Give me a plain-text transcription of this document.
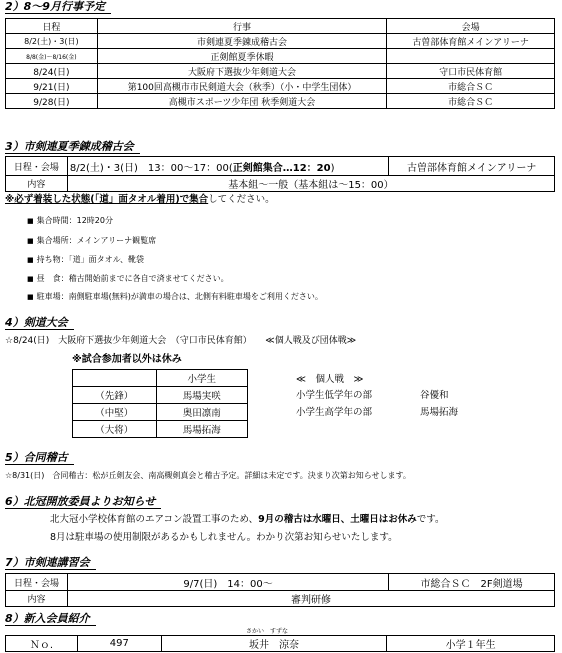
2）8～9月行事予定
日程	行事	会場
8/2(土)・3(日)	市剣連夏季錬成稽古会	古曽部体育館メインアリーナ
8/8(金)～8/16(金)	正剣館夏季休暇	
8/24(日)	大阪府下選抜少年剣道大会	守口市民体育館
9/21(日)	第100回高槻市市民剣道大会（秋季）（小・中学生団体）	市総合ＳＣ
9/28(日)	高槻市スポーツ少年団 秋季剣道大会	市総合ＳＣ
3）市剣連夏季錬成稽古会
日程・会場	8/2(土)・3(日)　13：00～17：00(正剣館集合…12：20)	古曽部体育館メインアリーナ
内容	基本組～一般（基本組は～15：00）	
※必ず着装した状態(「道」面タオル着用)で集合してください。
■ 集合時間：12時20分
■ 集合場所：メインアリーナ観覧席
■ 持ち物：「道」面タオル、靴袋
■ 昼　食：稽古開始前までに各自で済ませてください。
■ 駐車場：南側駐車場(無料)が満車の場合は、北側有料駐車場をご利用ください。
4）剣道大会
☆8/24(日)　大阪府下選抜少年剣道大会　（守口市民体育館）　　≪個人戦及び団体戦≫
※試合参加者以外は休み
	小学生
（先鋒）	馬場実咲
（中堅）	奥田凛南
（大将）	馬場拓海
≪　個人戦　≫
小学生低学年の部	谷優和
小学生高学年の部	馬場拓海
5）合同稽古
☆8/31(日)　合同稽古：松が丘剣友会、南高槻剣真会と稽古予定。詳細は未定です。決まり次第お知らせします。
6）北冠開放委員よりお知らせ
北大冠小学校体育館のエアコン設置工事のため、9月の稽古は水曜日、土曜日はお休みです。
8月は駐車場の使用制限があるかもしれません。わかり次第お知らせいたします。
7）市剣連講習会
日程・会場	9/7(日)　14：00～	市総合ＳＣ　2F剣道場
内容	審判研修	
8）新入会員紹介
さかい　すずな
Ｎｏ.	497	坂井　涼奈	小学１年生
